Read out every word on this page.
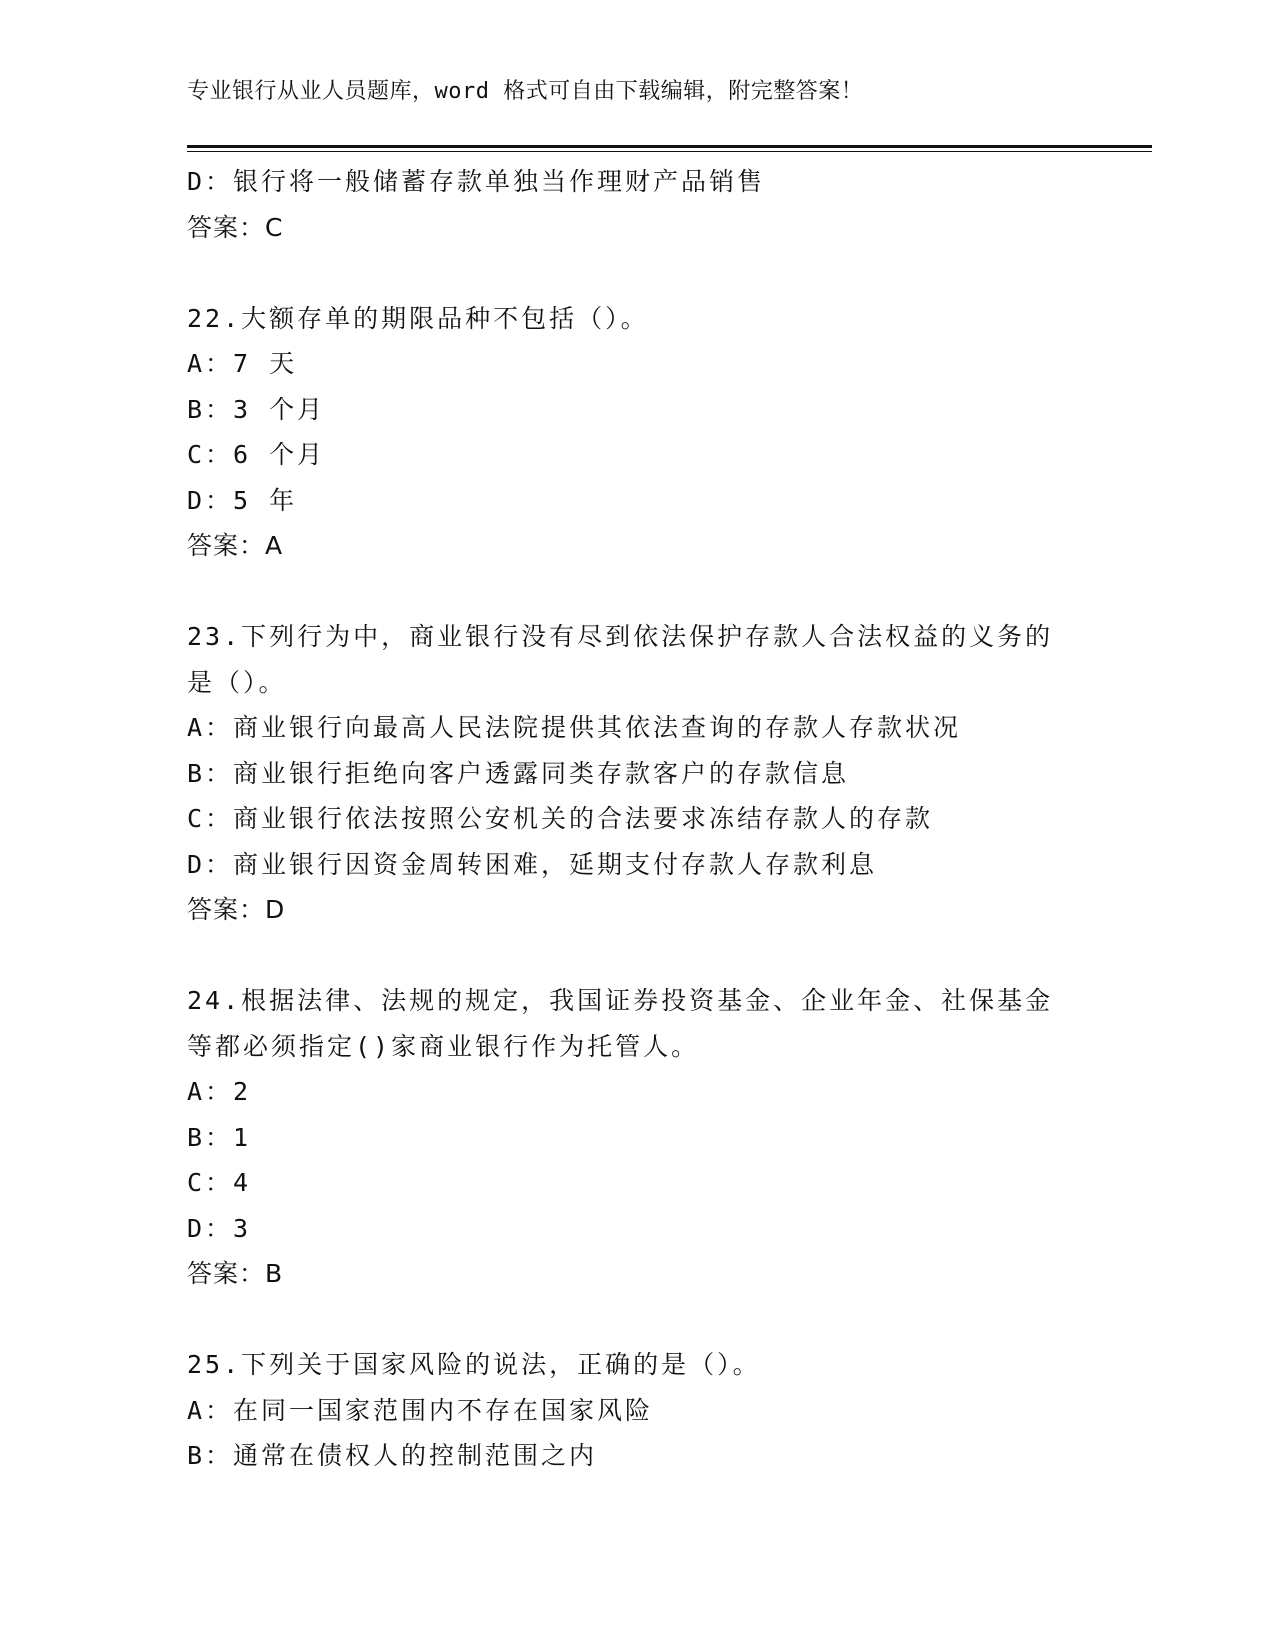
专业银行从业人员题库，word 格式可自由下载编辑，附完整答案！
D：银行将一般储蓄存款单独当作理财产品销售
答案：C
22.大额存单的期限品种不包括（）。
A：7 天
B：3 个月
C：6 个月
D：5 年
答案：A
23.下列行为中，商业银行没有尽到依法保护存款人合法权益的义务的
是（）。
A：商业银行向最高人民法院提供其依法查询的存款人存款状况
B：商业银行拒绝向客户透露同类存款客户的存款信息
C：商业银行依法按照公安机关的合法要求冻结存款人的存款
D：商业银行因资金周转困难，延期支付存款人存款利息
答案：D
24.根据法律、法规的规定，我国证券投资基金、企业年金、社保基金
等都必须指定()家商业银行作为托管人。
A：2
B：1
C：4
D：3
答案：B
25.下列关于国家风险的说法，正确的是（）。
A：在同一国家范围内不存在国家风险
B：通常在债权人的控制范围之内
